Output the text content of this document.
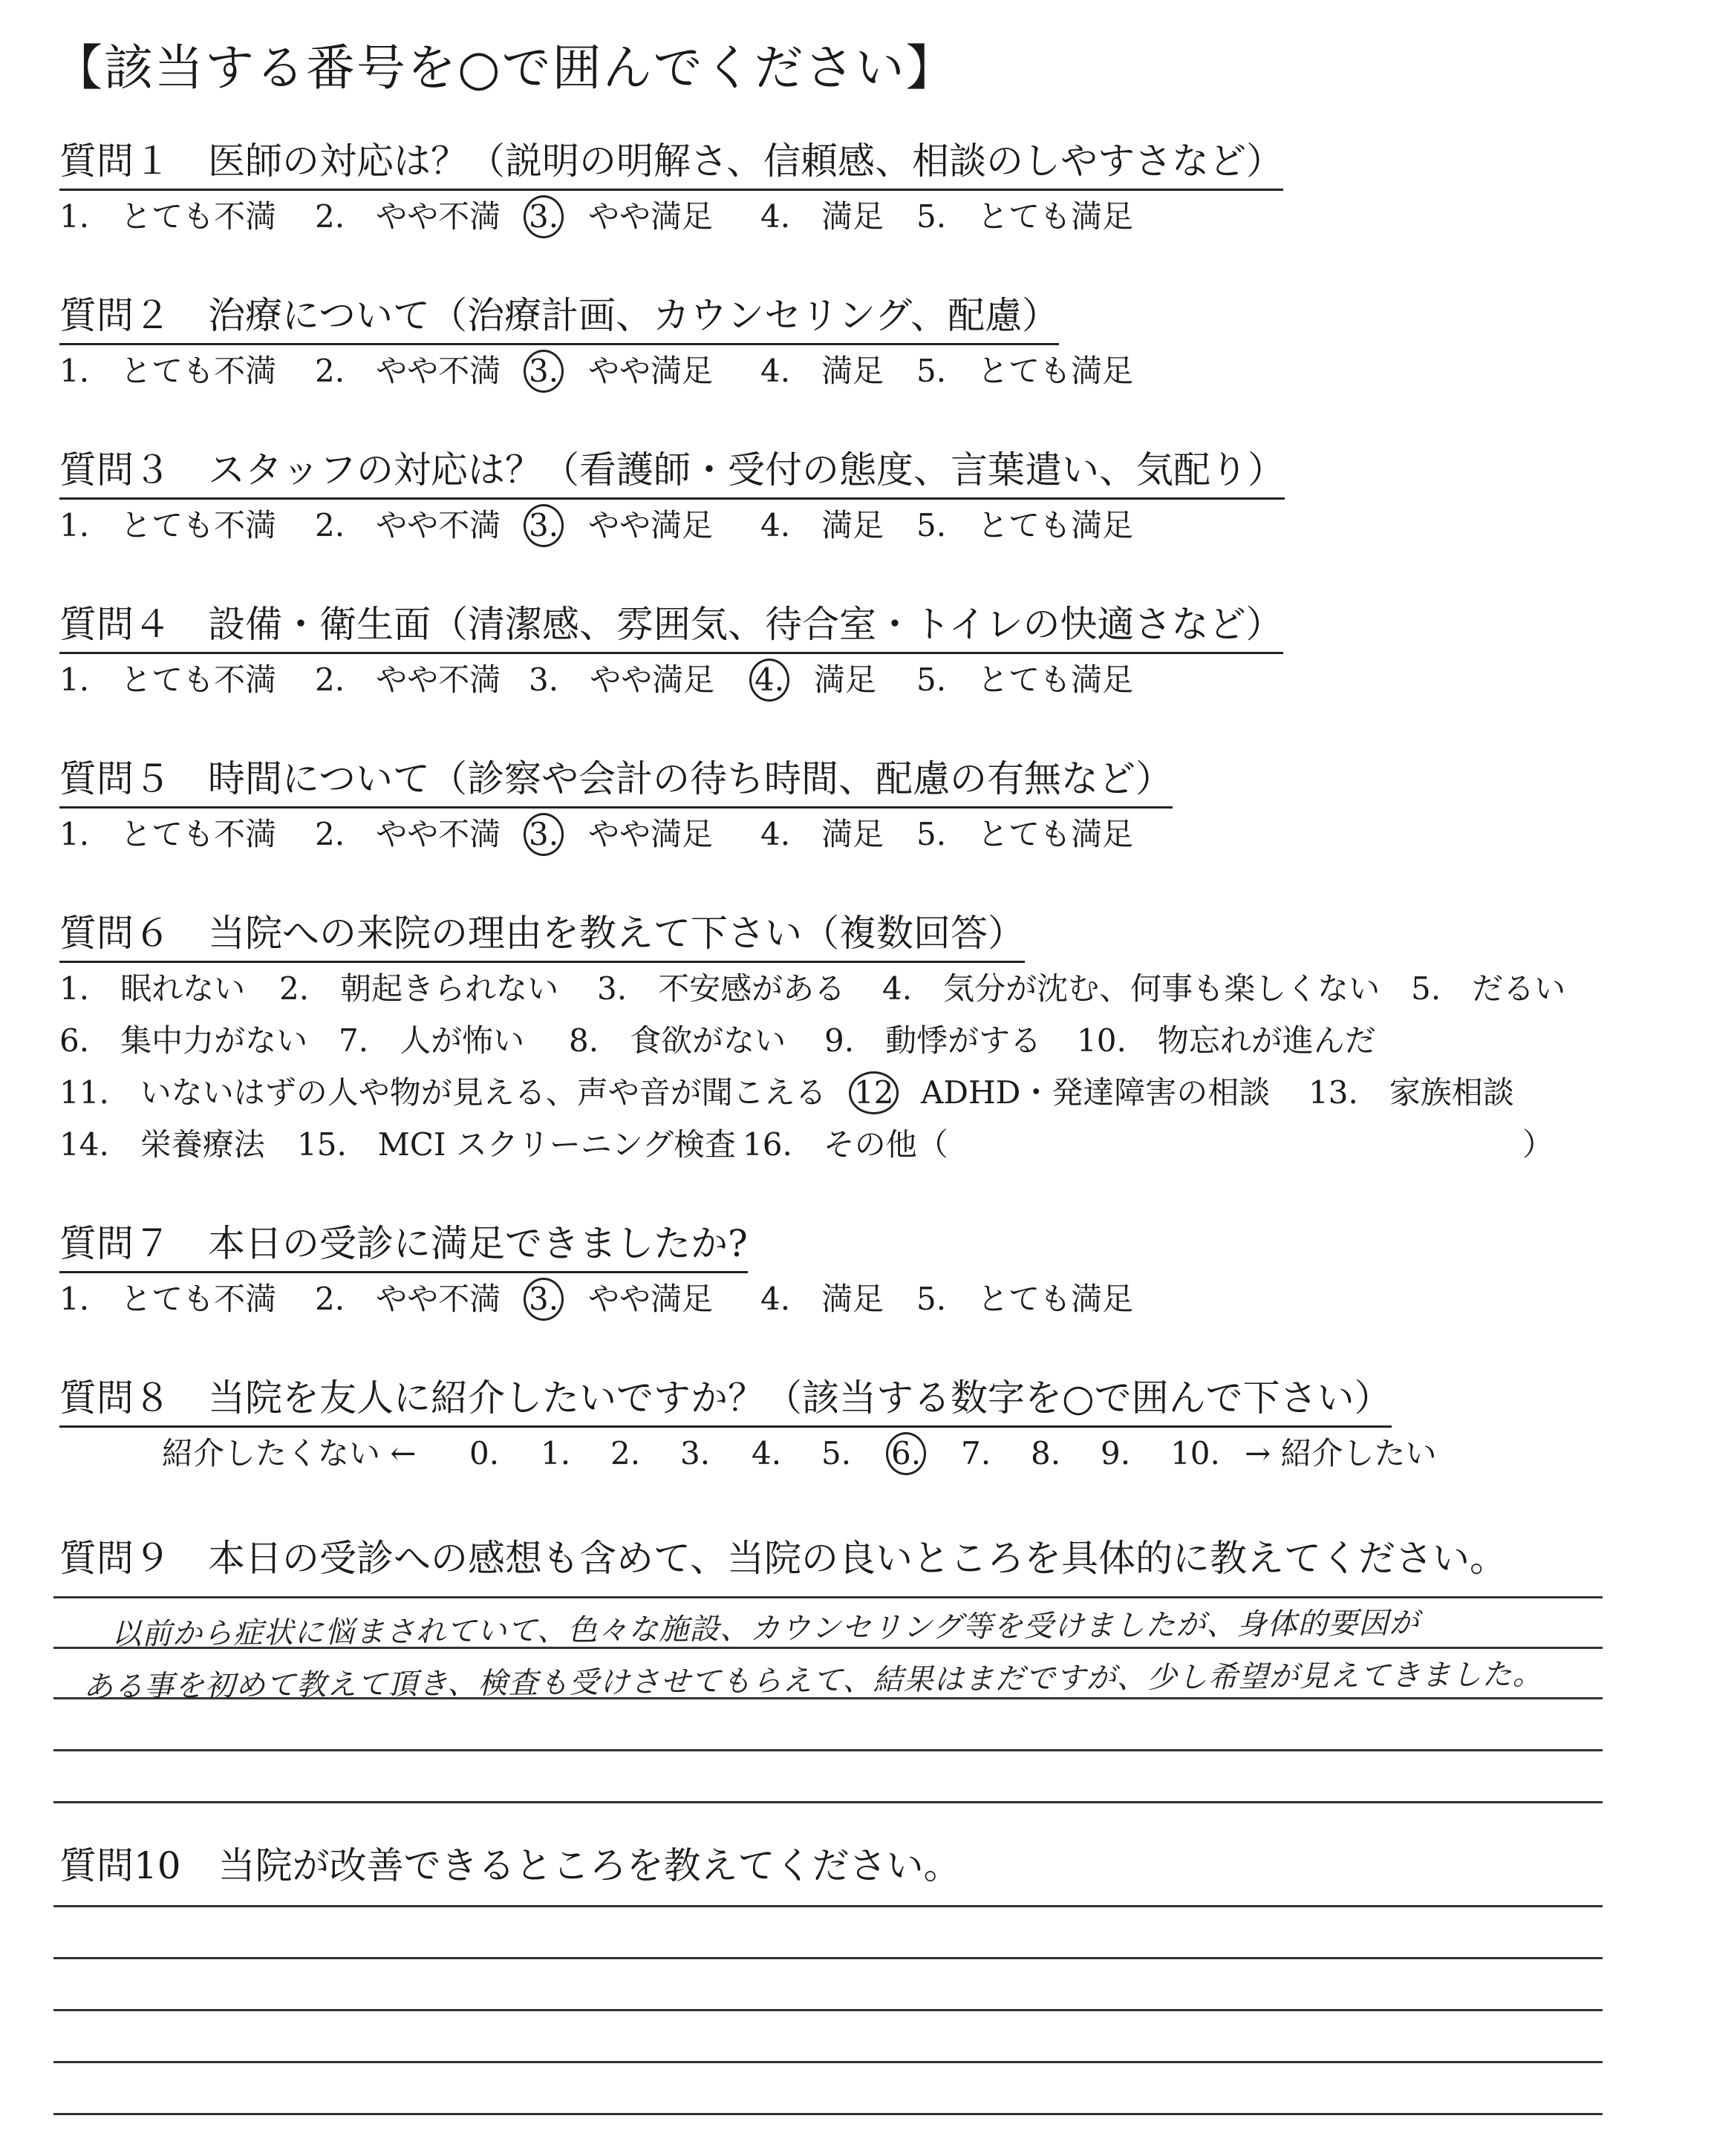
【該当する番号を○で囲んでください】
質問１　医師の対応は？（説明の明解さ、信頼感、相談のしやすさなど）
1.　とても不満 2.　やや不満 3. やや満足 4.　満足 5.　とても満足
質問２　治療について（治療計画、カウンセリング、配慮）
1.　とても不満 2.　やや不満 3. やや満足 4.　満足 5.　とても満足
質問３　スタッフの対応は？（看護師・受付の態度、言葉遣い、気配り）
1.　とても不満 2.　やや不満 3. やや満足 4.　満足 5.　とても満足
質問４　設備・衛生面（清潔感、雰囲気、待合室・トイレの快適さなど）
1.　とても不満 2.　やや不満 3.　やや満足 4. 満足 5.　とても満足
質問５　時間について（診察や会計の待ち時間、配慮の有無など）
1.　とても不満 2.　やや不満 3. やや満足 4.　満足 5.　とても満足
質問６　当院への来院の理由を教えて下さい（複数回答）
1.　眠れない 2.　朝起きられない 3.　不安感がある 4.　気分が沈む、何事も楽しくない 5.　だるい
6.　集中力がない 7.　人が怖い 8.　食欲がない 9.　動悸がする 10.　物忘れが進んだ
11.　いないはずの人や物が見える、声や音が聞こえる 12 ADHD・発達障害の相談 13.　家族相談
14.　栄養療法 15.　MCI スクリーニング検査 16.　その他（	）
質問７　本日の受診に満足できましたか?
1.　とても不満 2.　やや不満 3. やや満足 4.　満足 5.　とても満足
質問８　当院を友人に紹介したいですか？（該当する数字を○で囲んで下さい）
紹介したくない ← 0. 1. 2. 3. 4. 5. 6. 7. 8. 9. 10. → 紹介したい
質問９　本日の受診への感想も含めて、当院の良いところを具体的に教えてください。
以前から症状に悩まされていて、色々な施設、カウンセリング等を受けましたが、身体的要因が
ある事を初めて教えて頂き、検査も受けさせてもらえて、結果はまだですが、少し希望が見えてきました。
質問10　当院が改善できるところを教えてください。
